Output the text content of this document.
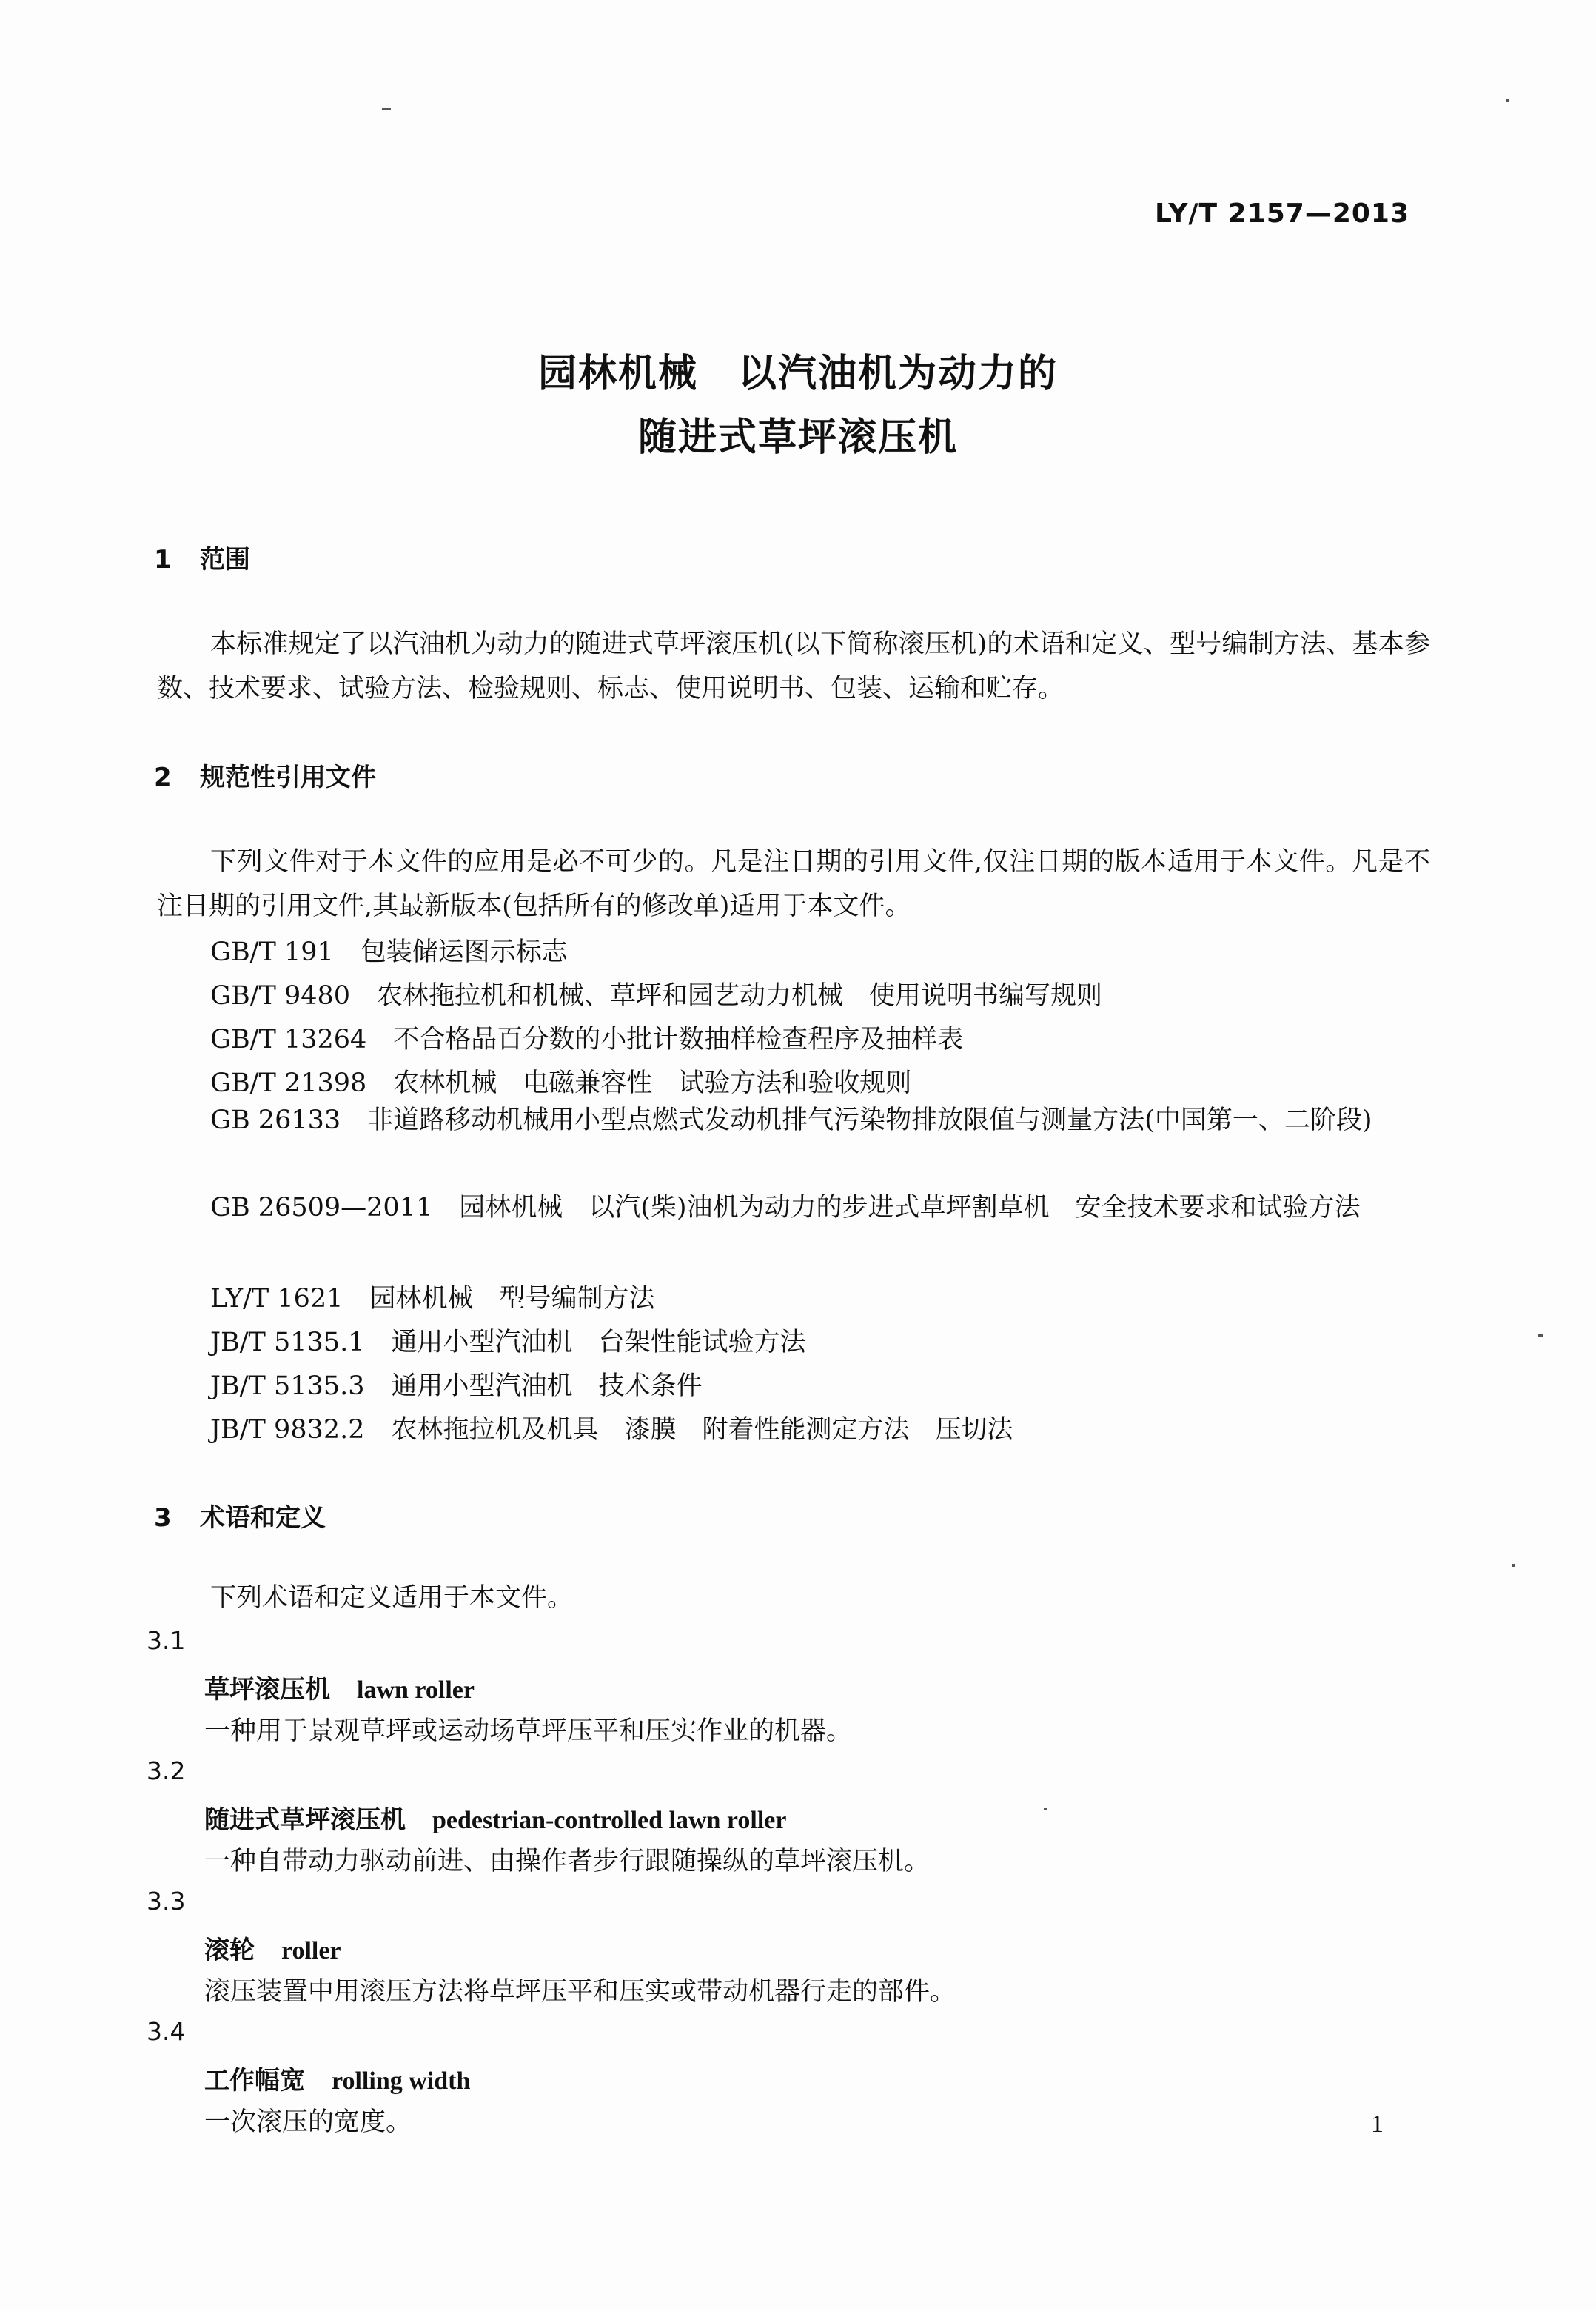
LY/T 2157—2013
园林机械　以汽油机为动力的
随进式草坪滚压机
1 范围
本标准规定了以汽油机为动力的随进式草坪滚压机(以下简称滚压机)的术语和定义、型号编制方法、基本参数、技术要求、试验方法、检验规则、标志、使用说明书、包装、运输和贮存。
2 规范性引用文件
下列文件对于本文件的应用是必不可少的。凡是注日期的引用文件,仅注日期的版本适用于本文件。凡是不注日期的引用文件,其最新版本(包括所有的修改单)适用于本文件。
GB/T 191 包装储运图示标志
GB/T 9480 农林拖拉机和机械、草坪和园艺动力机械　使用说明书编写规则
GB/T 13264 不合格品百分数的小批计数抽样检查程序及抽样表
GB/T 21398 农林机械　电磁兼容性　试验方法和验收规则
GB 26133 非道路移动机械用小型点燃式发动机排气污染物排放限值与测量方法(中国第一、二阶段)
GB 26509—2011 园林机械　以汽(柴)油机为动力的步进式草坪割草机　安全技术要求和试验方法
LY/T 1621 园林机械　型号编制方法
JB/T 5135.1 通用小型汽油机　台架性能试验方法
JB/T 5135.3 通用小型汽油机　技术条件
JB/T 9832.2 农林拖拉机及机具　漆膜　附着性能测定方法　压切法
3 术语和定义
下列术语和定义适用于本文件。
3.1
草坪滚压机 lawn roller
一种用于景观草坪或运动场草坪压平和压实作业的机器。
3.2
随进式草坪滚压机 pedestrian-controlled lawn roller
一种自带动力驱动前进、由操作者步行跟随操纵的草坪滚压机。
3.3
滚轮 roller
滚压装置中用滚压方法将草坪压平和压实或带动机器行走的部件。
3.4
工作幅宽 rolling width
一次滚压的宽度。	1
